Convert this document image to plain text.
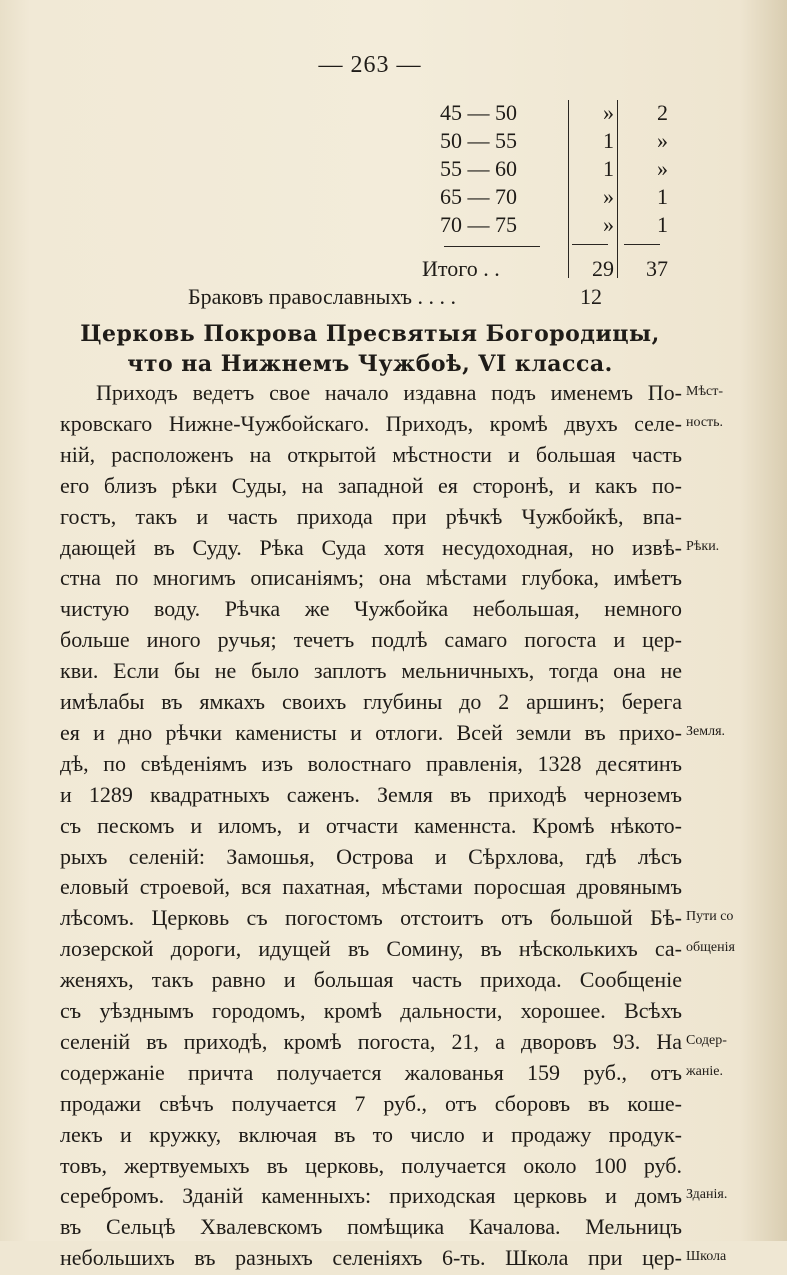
— 263 —
45 — 50	»	2
50 — 55	1	»
55 — 60	1	»
65 — 70	»	1
70 — 75	»	1
Итого . .	29	37
Браковъ православныхъ . . . .	12
Церковь Покрова Пресвятыя Богородицы,
что на Нижнемъ Чужбоѣ, VI класса.
Приходъ ведетъ свое начало издавна подъ именемъ По-
кровскаго Нижне-Чужбойскаго. Приходъ, кромѣ двухъ селе-
ній, расположенъ на открытой мѣстности и большая часть
его близъ рѣки Суды, на западной ея сторонѣ, и какъ по-
гостъ, такъ и часть прихода при рѣчкѣ Чужбойкѣ, впа-
дающей въ Суду. Рѣка Суда хотя несудоходная, но извѣ-
стна по многимъ описаніямъ; она мѣстами глубока, имѣетъ
чистую воду. Рѣчка же Чужбойка небольшая, немного
больше иного ручья; течетъ подлѣ самаго погоста и цер-
кви. Если бы не было заплотъ мельничныхъ, тогда она не
имѣлабы въ ямкахъ своихъ глубины до 2 аршинъ; берега
ея и дно рѣчки каменисты и отлоги. Всей земли въ прихо-
дѣ, по свѣденіямъ изъ волостнаго правленія, 1328 десятинъ
и 1289 квадратныхъ саженъ. Земля въ приходѣ черноземъ
съ пескомъ и иломъ, и отчасти каменнста. Кромѣ нѣкото-
рыхъ селеній: Замошья, Острова и Сѣрхлова, гдѣ лѣсъ
еловый строевой, вся пахатная, мѣстами поросшая дровянымъ
лѣсомъ. Церковь съ погостомъ отстоитъ отъ большой Бѣ-
лозерской дороги, идущей въ Сомину, въ нѣсколькихъ са-
женяхъ, такъ равно и большая часть прихода. Сообщеніе
съ уѣзднымъ городомъ, кромѣ дальности, хорошее. Всѣхъ
селеній въ приходѣ, кромѣ погоста, 21, а дворовъ 93. На
содержаніе причта получается жалованья 159 руб., отъ
продажи свѣчъ получается 7 руб., отъ сборовъ въ коше-
лекъ и кружку, включая въ то число и продажу продук-
товъ, жертвуемыхъ въ церковь, получается около 100 руб.
серебромъ. Зданій каменныхъ: приходская церковь и домъ
въ Сельцѣ Хвалевскомъ помѣщика Качалова. Мельницъ
небольшихъ въ разныхъ селеніяхъ 6-ть. Школа при цер-
Мѣст-
ность.
Рѣки.
Земля.
Пути со
общенія
Содер-
жаніе.
Зданія.
Школа
